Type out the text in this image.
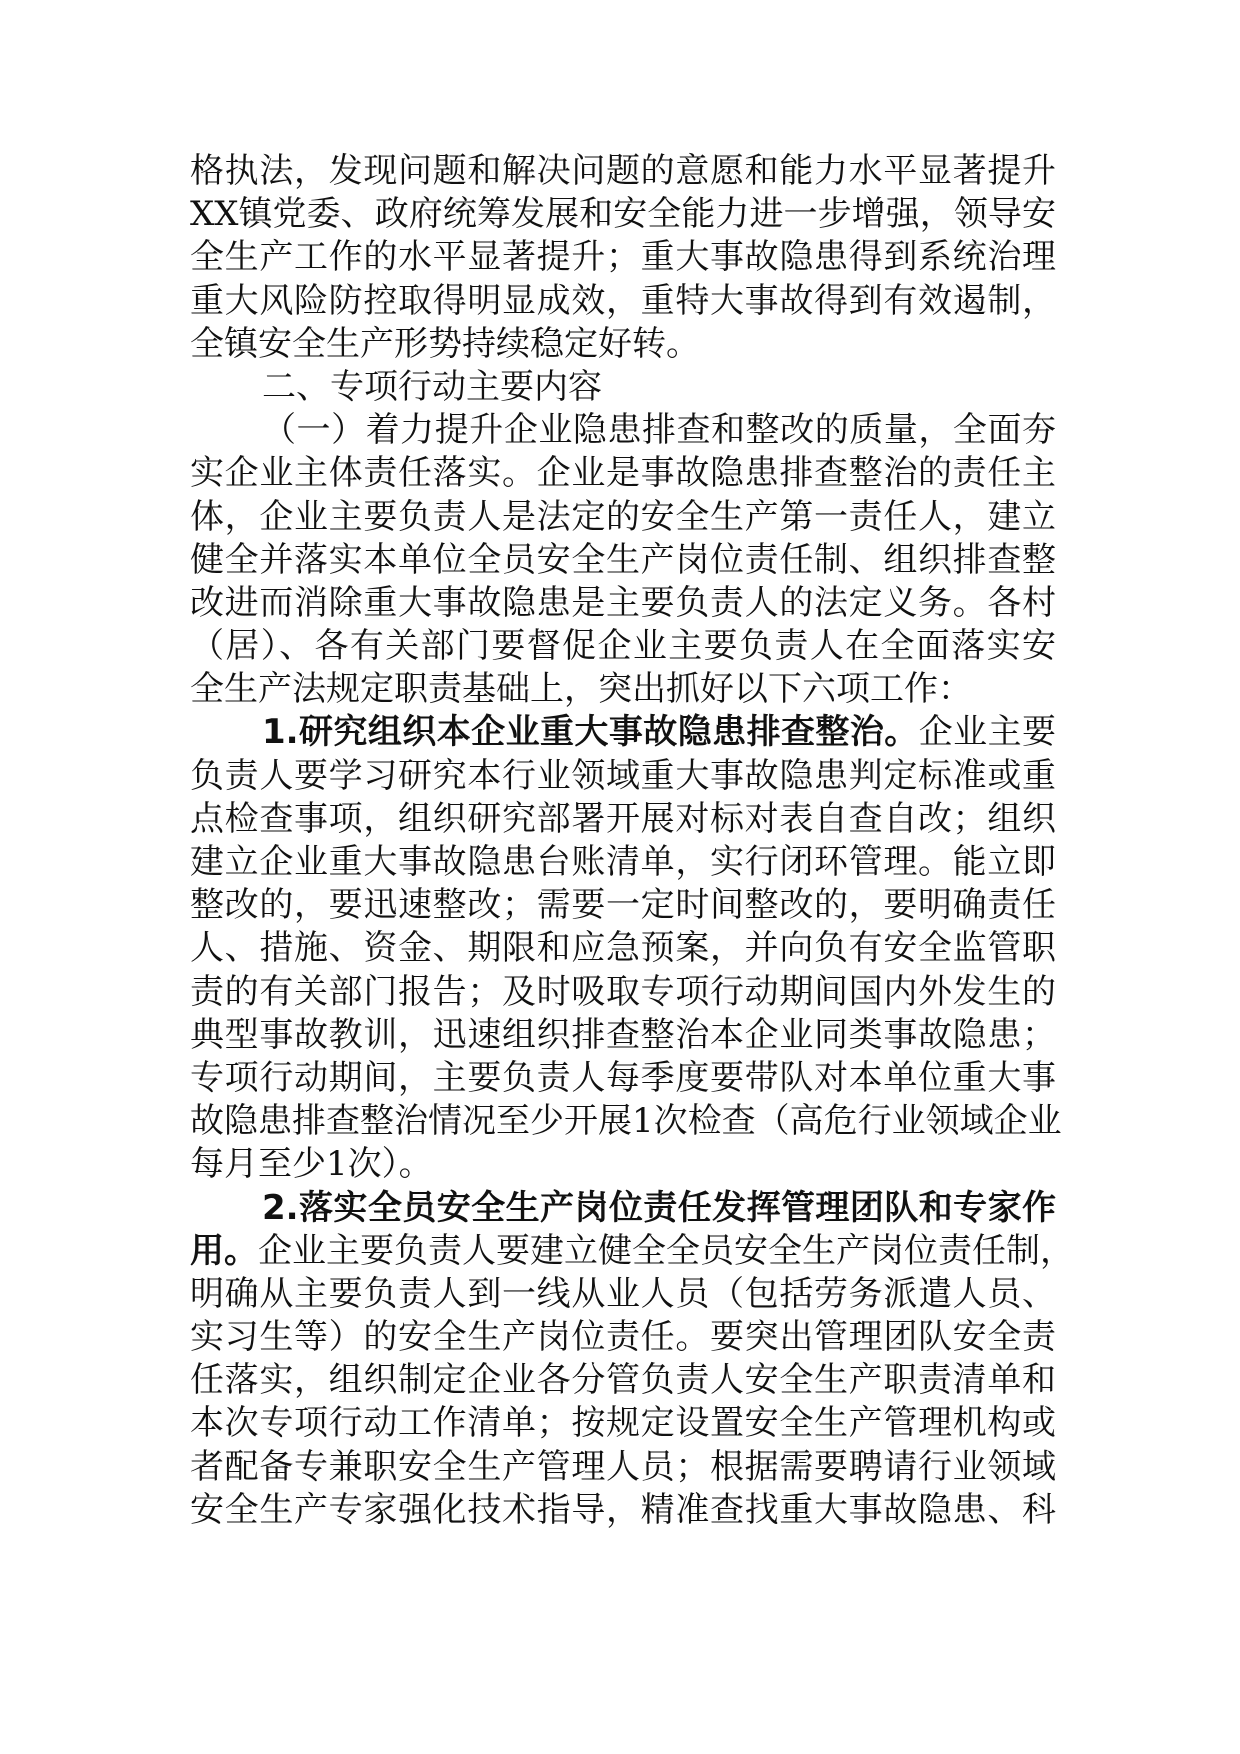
格执法，发现问题和解决问题的意愿和能力水平显著提升
XX镇党委、政府统筹发展和安全能力进一步增强，领导安
全生产工作的水平显著提升；重大事故隐患得到系统治理
重大风险防控取得明显成效，重特大事故得到有效遏制，
全镇安全生产形势持续稳定好转。
二、专项行动主要内容
（一）着力提升企业隐患排查和整改的质量，全面夯
实企业主体责任落实。企业是事故隐患排查整治的责任主
体，企业主要负责人是法定的安全生产第一责任人，建立
健全并落实本单位全员安全生产岗位责任制、组织排查整
改进而消除重大事故隐患是主要负责人的法定义务。各村
（居）、各有关部门要督促企业主要负责人在全面落实安
全生产法规定职责基础上，突出抓好以下六项工作：
1.研究组织本企业重大事故隐患排查整治。企业主要
负责人要学习研究本行业领域重大事故隐患判定标准或重
点检查事项，组织研究部署开展对标对表自查自改；组织
建立企业重大事故隐患台账清单，实行闭环管理。能立即
整改的，要迅速整改；需要一定时间整改的，要明确责任
人、措施、资金、期限和应急预案，并向负有安全监管职
责的有关部门报告；及时吸取专项行动期间国内外发生的
典型事故教训，迅速组织排查整治本企业同类事故隐患；
专项行动期间，主要负责人每季度要带队对本单位重大事
故隐患排查整治情况至少开展1次检查（高危行业领域企业
每月至少1次）。
2.落实全员安全生产岗位责任发挥管理团队和专家作
用。企业主要负责人要建立健全全员安全生产岗位责任制，
明确从主要负责人到一线从业人员（包括劳务派遣人员、
实习生等）的安全生产岗位责任。要突出管理团队安全责
任落实，组织制定企业各分管负责人安全生产职责清单和
本次专项行动工作清单；按规定设置安全生产管理机构或
者配备专兼职安全生产管理人员；根据需要聘请行业领域
安全生产专家强化技术指导，精准查找重大事故隐患、科
